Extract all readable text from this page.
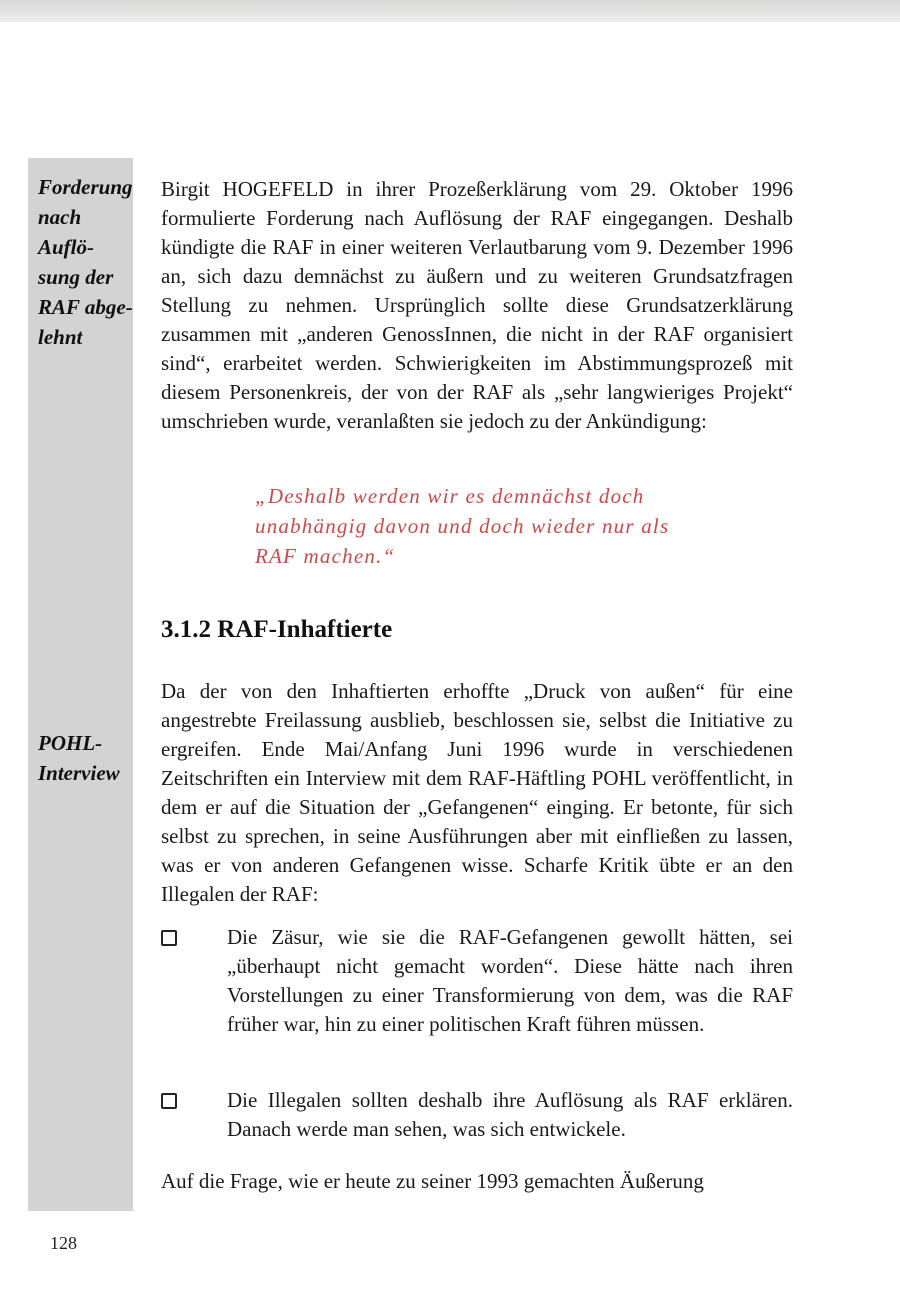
Forderung nach Auflö- sung der RAF abge- lehnt
POHL- Interview

Birgit HOGEFELD in ihrer Prozeßerklärung vom 29. Oktober 1996 formulierte Forderung nach Auflösung der RAF eingegangen. Deshalb kündigte die RAF in einer weiteren Verlautbarung vom 9. Dezember 1996 an, sich dazu demnächst zu äußern und zu weiteren Grundsatzfragen Stellung zu nehmen. Ursprünglich sollte diese Grundsatzerklärung zusammen mit „anderen GenossInnen, die nicht in der RAF organisiert sind“, erarbeitet werden. Schwierigkeiten im Abstimmungsprozeß mit diesem Personenkreis, der von der RAF als „sehr langwieriges Projekt“ umschrieben wurde, veranlaßten sie jedoch zu der Ankündigung:

„Deshalb werden wir es demnächst doch unabhängig davon und doch wieder nur als RAF machen.“

3.1.2 RAF-Inhaftierte

Da der von den Inhaftierten erhoffte „Druck von außen“ für eine angestrebte Freilassung ausblieb, beschlossen sie, selbst die Initiative zu ergreifen. Ende Mai/Anfang Juni 1996 wurde in verschiedenen Zeitschriften ein Interview mit dem RAF-Häftling POHL veröffentlicht, in dem er auf die Situation der „Gefangenen“ einging. Er betonte, für sich selbst zu sprechen, in seine Ausführungen aber mit einfließen zu lassen, was er von anderen Gefangenen wisse. Scharfe Kritik übte er an den Illegalen der RAF:

Die Zäsur, wie sie die RAF-Gefangenen gewollt hätten, sei „überhaupt nicht gemacht worden“. Diese hätte nach ihren Vorstellungen zu einer Transformierung von dem, was die RAF früher war, hin zu einer politischen Kraft führen müssen.

Die Illegalen sollten deshalb ihre Auflösung als RAF erklären. Danach werde man sehen, was sich entwickele.

Auf die Frage, wie er heute zu seiner 1993 gemachten Äußerung

128
